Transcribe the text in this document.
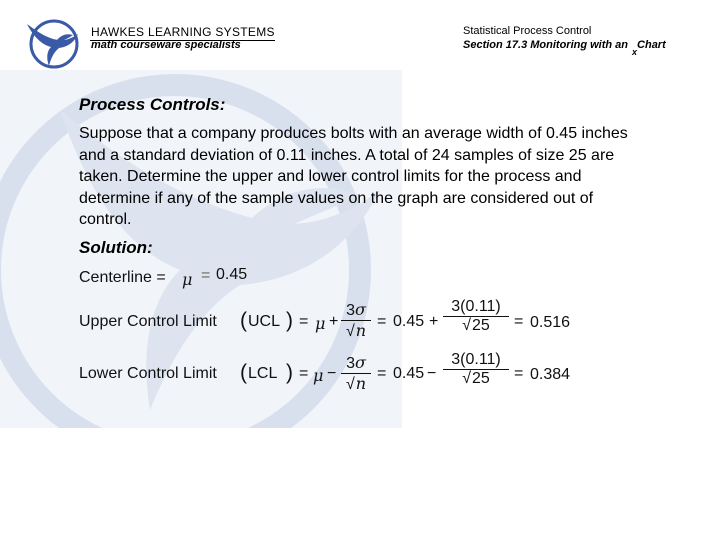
HAWKES LEARNING SYSTEMS
math courseware specialists
Statistical Process Control
Section 17.3 Monitoring with $an_xChart$
Process Controls:
Suppose that a company produces bolts with an average width of 0.45 inches and a standard deviation of 0.11 inches. A total of 24 samples of size 25 are taken. Determine the upper and lower control limits for the process and determine if any of the sample values on the graph are considered out of control.
Solution:
Centerline = μ = 0.45
Upper Control Limit ( UCL ) = $\mu + \frac{3\sigma}{√n} = 0.45 + \frac{3(0.11)}{√25} = 0.516$
Lower Control Limit ( LCL ) = $\mu - \frac{3\sigma}{√n} = 0.45 - \frac{3(0.11)}{√25} = 0.384$
